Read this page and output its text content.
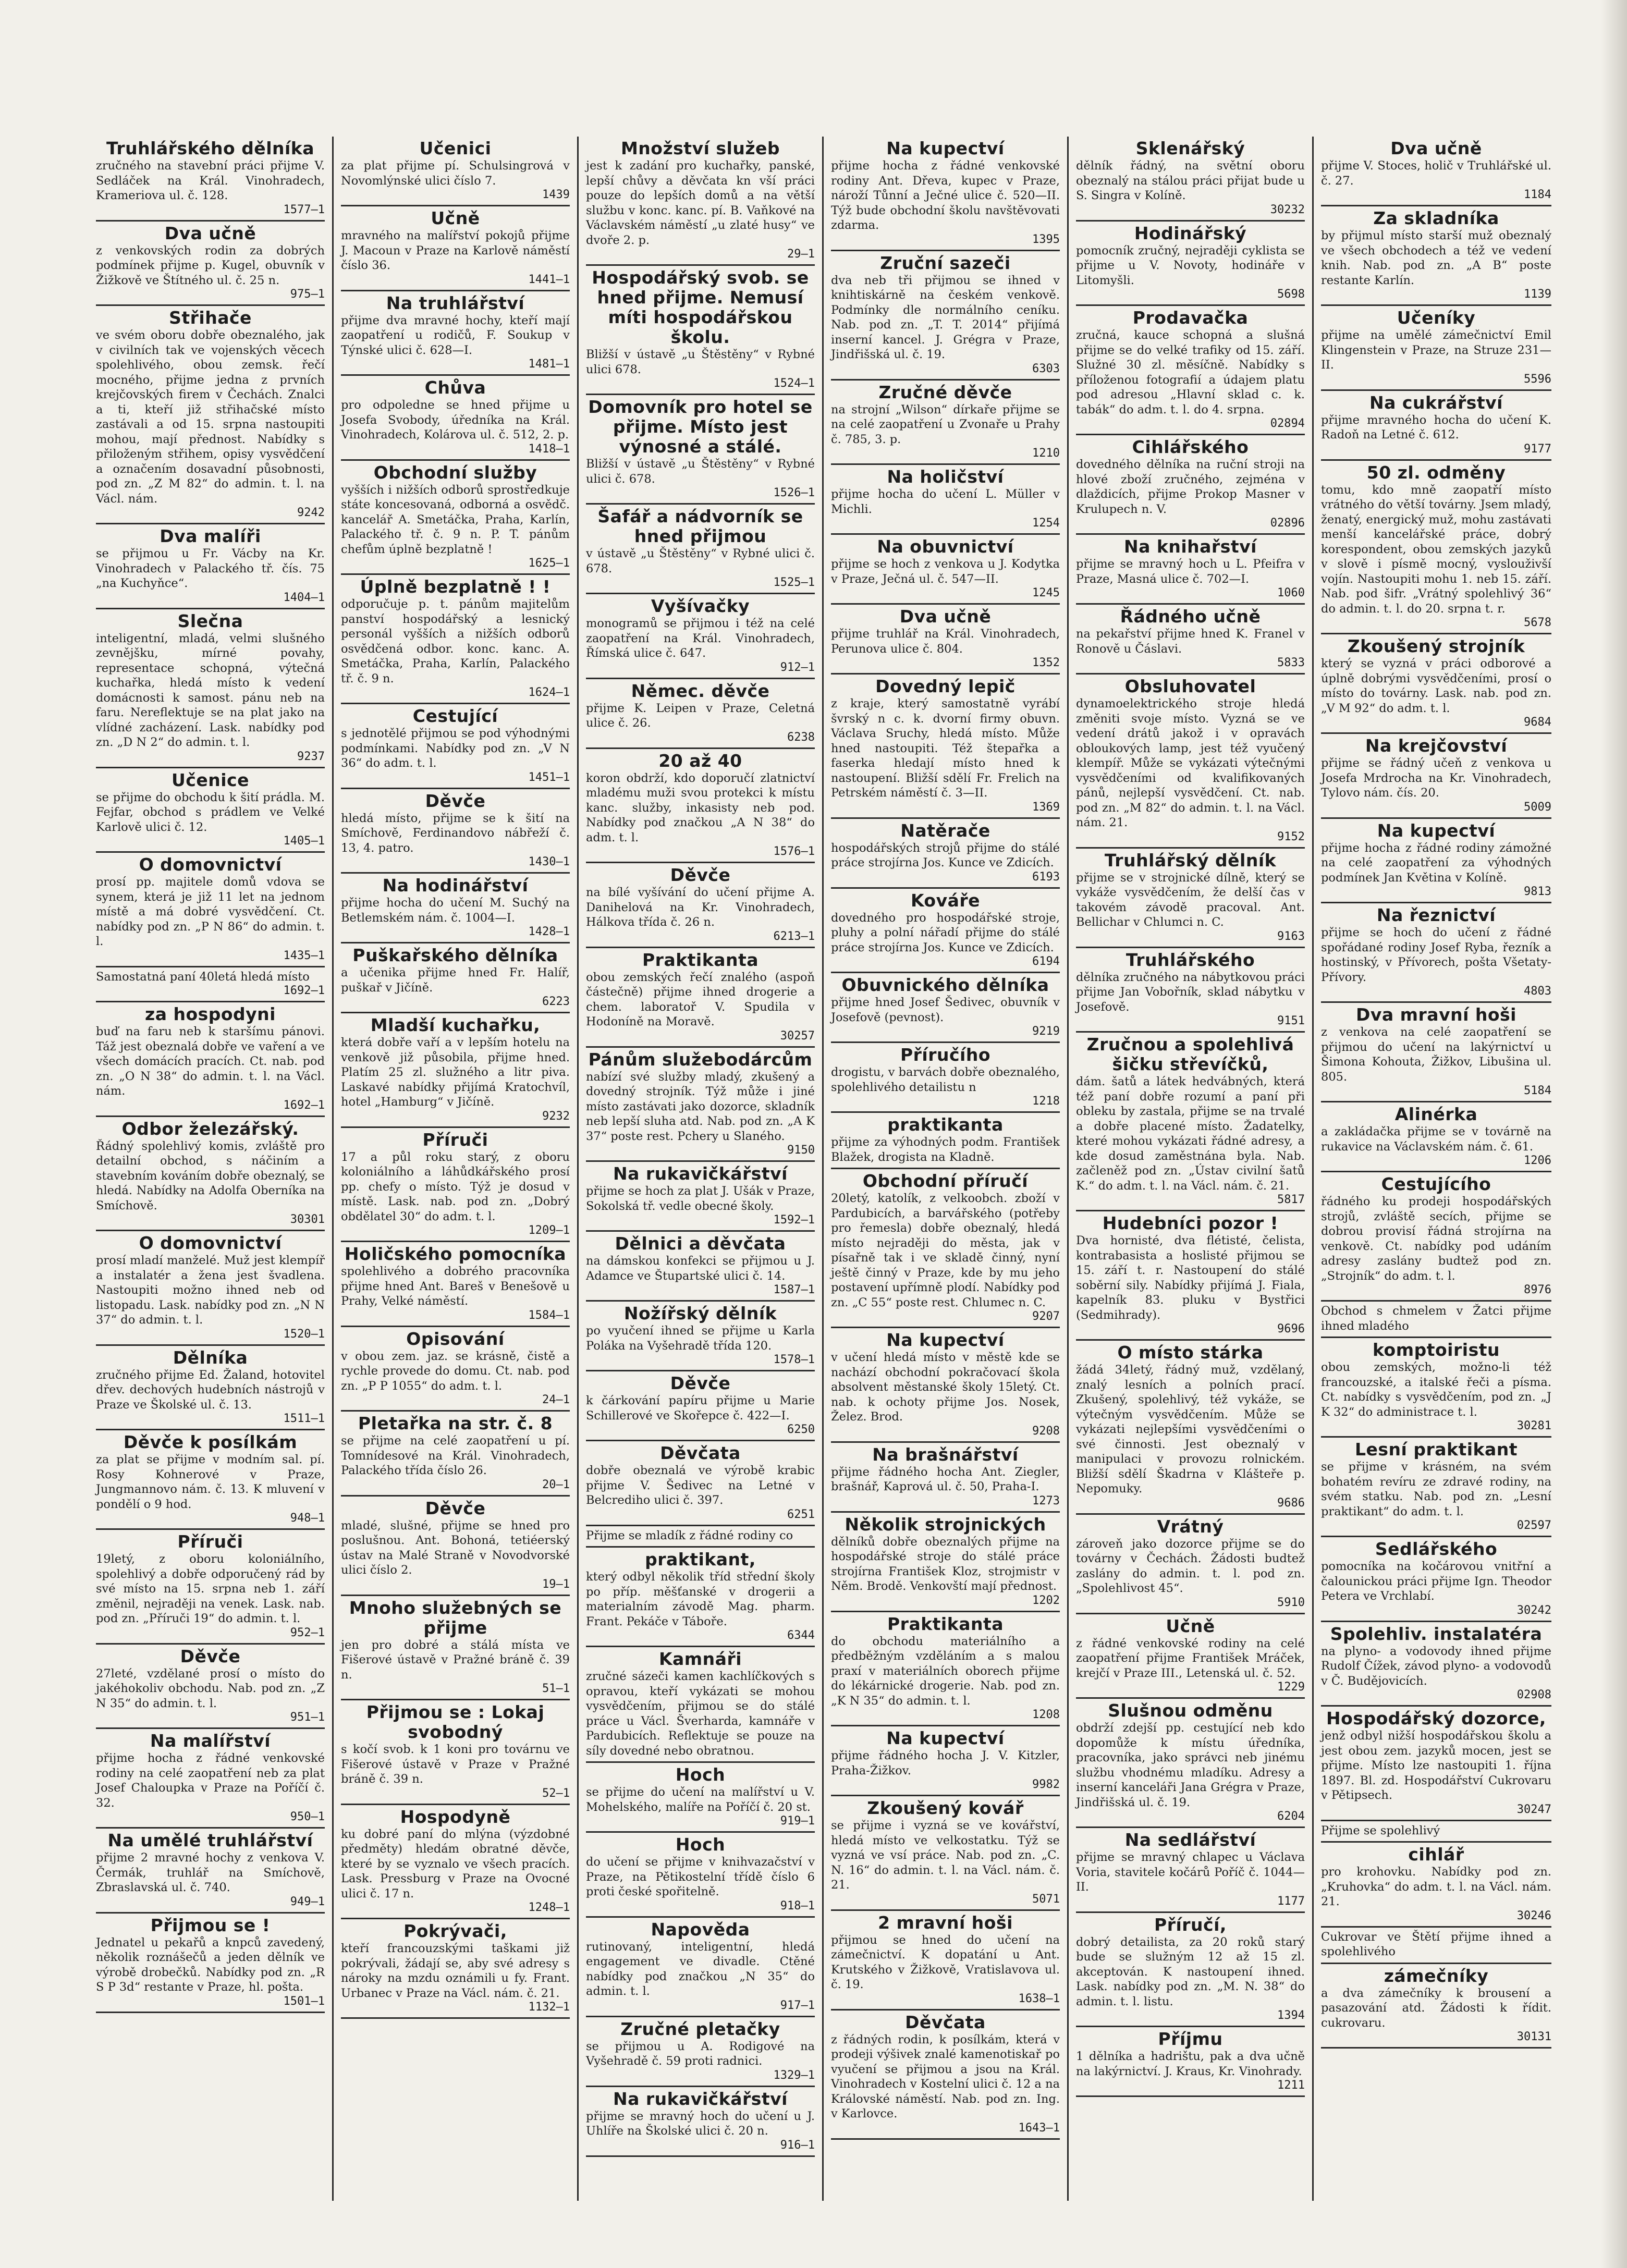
Truhlářského dělníka

zručného na stavební práci přijme V. Sedláček na Král. Vinohradech, Krameriova ul. č. 128.

1577—1

Dva učně

z venkovských rodin za dobrých podmínek přijme p. Kugel, obuvník v Žižkově ve Štítného ul. č. 25 n.

975—1

Střihače

ve svém oboru dobře obeznalého, jak v civilních tak ve vojenských věcech spolehlivého, obou zemsk. řečí mocného, přijme jedna z prvních krejčovských firem v Čechách. Znalci a ti, kteří již střihačské místo zastávali a od 15. srpna nastoupiti mohou, mají přednost. Nabídky s přiloženým střihem, opisy vysvědčení a označením dosavadní působnosti, pod zn. „Z M 82“ do admin. t. l. na Václ. nám.

9242

Dva malíři

se přijmou u Fr. Vácby na Kr. Vinohradech v Palackého tř. čís. 75 „na Kuchyňce“.

1404—1

Slečna

inteligentní, mladá, velmi slušného zevnějšku, mírné povahy, representace schopná, výtečná kuchařka, hledá místo k vedení domácnosti k samost. pánu neb na faru. Nereflektuje se na plat jako na vlídné zacházení. Lask. nabídky pod zn. „D N 2“ do admin. t. l.

9237

Učenice

se přijme do obchodu k šití prádla. M. Fejfar, obchod s prádlem ve Velké Karlově ulici č. 12.

1405—1

O domovnictví

prosí pp. majitele domů vdova se synem, která je již 11 let na jednom místě a má dobré vysvědčení. Ct. nabídky pod zn. „P N 86“ do admin. t. l.

1435—1

Samostatná paní 40letá hledá místo

1692—1

za hospodyni

buď na faru neb k staršímu pánovi. Táž jest obeznalá dobře ve vaření a ve všech domácích pracích. Ct. nab. pod zn. „O N 38“ do admin. t. l. na Václ. nám.

1692—1

Odbor železářský.

Řádný spolehlivý komis, zvláště pro detailní obchod, s náčiním a stavebním kováním dobře obeznalý, se hledá. Nabídky na Adolfa Oberníka na Smíchově.

30301

O domovnictví

prosí mladí manželé. Muž jest klempíř a instalatér a žena jest švadlena. Nastoupiti možno ihned neb od listopadu. Lask. nabídky pod zn. „N N 37“ do admin. t. l.

1520—1

Dělníka

zručného přijme Ed. Žaland, hotovitel dřev. dechových hudebních nástrojů v Praze ve Školské ul. č. 13.

1511—1

Děvče k posílkám

za plat se přijme v modním sal. pí. Rosy Kohnerové v Praze, Jungmannovo nám. č. 13. K mluvení v pondělí o 9 hod.

948—1

Příruči

19letý, z oboru koloniálního, spolehlivý a dobře odporučený rád by své místo na 15. srpna neb 1. září změnil, nejraději na venek. Lask. nab. pod zn. „Příruči 19“ do admin. t. l.

952—1

Děvče

27leté, vzdělané prosí o místo do jakéhokoliv obchodu. Nab. pod zn. „Z N 35“ do admin. t. l.

951—1

Na malířství

přijme hocha z řádné venkovské rodiny na celé zaopatření neb za plat Josef Chaloupka v Praze na Poříčí č. 32.

950—1

Na umělé truhlářství

přijme 2 mravné hochy z venkova V. Čermák, truhlář na Smíchově, Zbraslavská ul. č. 740.

949—1

Přijmou se !

Jednatel u pekařů a knpců zavedený, několik roznášečů a jeden dělník ve výrobě drobečků. Nabídky pod zn. „R S P 3d“ restante v Praze, hl. pošta.

1501—1

Učenici

za plat přijme pí. Schulsingrová v Novomlýnské ulici číslo 7.

1439

Učně

mravného na malířství pokojů přijme J. Macoun v Praze na Karlově náměstí číslo 36.

1441—1

Na truhlářství

přijme dva mravné hochy, kteří mají zaopatření u rodičů, F. Soukup v Týnské ulici č. 628—I.

1481—1

Chůva

pro odpoledne se hned přijme u Josefa Svobody, úředníka na Král. Vinohradech, Kolárova ul. č. 512, 2. p.

1418—1

Obchodní služby

vyšších i nižších odborů sprostředkuje státe koncesovaná, odborná a osvědč. kancelář A. Smetáčka, Praha, Karlín, Palackého tř. č. 9 n. P. T. pánům chefům úplně bezplatně !

1625—1

Úplně bezplatně ! !

odporučuje p. t. pánům majitelům panství hospodářský a lesnický personál vyšších a nižších odborů osvědčená odbor. konc. kanc. A. Smetáčka, Praha, Karlín, Palackého tř. č. 9 n.

1624—1

Cestující

s jednotělé přijmou se pod výhodnými podmínkami. Nabídky pod zn. „V N 36“ do adm. t. l.

1451—1

Děvče

hledá místo, přijme se k šití na Smíchově, Ferdinandovo nábřeží č. 13, 4. patro.

1430—1

Na hodinářství

přijme hocha do učení M. Suchý na Betlemském nám. č. 1004—I.

1428—1

Puškařského dělníka

a učenika přijme hned Fr. Halíř, puškař v Jičíně.

6223

Mladší kuchařku,

která dobře vaří a v lepším hotelu na venkově již působila, přijme hned. Platím 25 zl. služného a litr piva. Laskavé nabídky přijímá Kratochvíl, hotel „Hamburg“ v Jičíně.

9232

Příruči

17 a půl roku starý, z oboru koloniálního a láhůdkářského prosí pp. chefy o místo. Týž je dosud v místě. Lask. nab. pod zn. „Dobrý obdělatel 30“ do adm. t. l.

1209—1

Holičského pomocníka

spolehlivého a dobrého pracovníka přijme hned Ant. Bareš v Benešově u Prahy, Velké náměstí.

1584—1

Opisování

v obou zem. jaz. se krásně, čistě a rychle provede do domu. Ct. nab. pod zn. „P P 1055“ do adm. t. l.

24—1

Pletařka na str. č. 8

se přijme na celé zaopatření u pí. Tomnídesové na Král. Vinohradech, Palackého třída číslo 26.

20—1

Děvče

mladé, slušné, přijme se hned pro poslušnou. Ant. Bohoná, tetiéerský ústav na Malé Straně v Novodvorské ulici číslo 2.

19—1

Mnoho služebných se přijme

jen pro dobré a stálá místa ve Fišerové ústavě v Pražné bráně č. 39 n.

51—1

Přijmou se : Lokaj svobodný

s kočí svob. k 1 koni pro továrnu ve Fišerové ústavě v Praze v Pražné bráně č. 39 n.

52—1

Hospodyně

ku dobré paní do mlýna (výzdobné předměty) hledám obratné děvče, které by se vyznalo ve všech pracích. Lask. Pressburg v Praze na Ovocné ulici č. 17 n.

1248—1

Pokrývači,

kteří francouzskými taškami již pokrývali, žádají se, aby své adresy s nároky na mzdu oznámili u fy. Frant. Urbanec v Praze na Václ. nám. č. 21.

1132—1

Množství služeb

jest k zadání pro kuchařky, panské, lepší chůvy a děvčata kn vší práci pouze do lepších domů a na větší službu v konc. kanc. pí. B. Vaňkové na Václavském náměstí „u zlaté husy“ ve dvoře 2. p.

29—1

Hospodářský svob. se hned přijme. Nemusí míti hospodářskou školu.

Bližší v ústavě „u Štěstěny“ v Rybné ulici 678.

1524—1

Domovník pro hotel se přijme. Místo jest výnosné a stálé.

Bližší v ústavě „u Štěstěny“ v Rybné ulici č. 678.

1526—1

Šafář a nádvorník se hned přijmou

v ústavě „u Štěstěny“ v Rybné ulici č. 678.

1525—1

Vyšívačky

monogramů se přijmou i též na celé zaopatření na Král. Vinohradech, Římská ulice č. 647.

912—1

Němec. děvče

přijme K. Leipen v Praze, Celetná ulice č. 26.

6238

20 až 40

koron obdrží, kdo doporučí zlatnictví mladému muži svou protekci k místu kanc. služby, inkasisty neb pod. Nabídky pod značkou „A N 38“ do adm. t. l.

1576—1

Děvče

na bílé vyšívání do učení přijme A. Danihelová na Kr. Vinohradech, Hálkova třída č. 26 n.

6213—1

Praktikanta

obou zemských řečí znalého (aspoň částečně) přijme ihned drogerie a chem. laboratoř V. Spudila v Hodoníně na Moravě.

30257

Pánům služebodárcům

nabízí své služby mladý, zkušený a dovedný strojník. Týž může i jiné místo zastávati jako dozorce, skladník neb lepší sluha atd. Nab. pod zn. „A K 37“ poste rest. Pchery u Slaného.

9150

Na rukavičkářství

přijme se hoch za plat J. Ušák v Praze, Sokolská tř. vedle obecné školy.

1592—1

Dělnici a děvčata

na dámskou konfekci se přijmou u J. Adamce ve Štupartské ulici č. 14.

1587—1

Nožířský dělník

po vyučení ihned se přijme u Karla Poláka na Vyšehradě třída 120.

1578—1

Děvče

k čárkování papíru přijme u Marie Schillerové ve Skořepce č. 422—I.

6250

Děvčata

dobře obeznalá ve výrobě krabic přijme V. Šedivec na Letné v Belcrediho ulici č. 397.

6251

Přijme se mladík z řádné rodiny co

praktikant,

který odbyl několik tříd střední školy po příp. měšťanské v drogerii a materialním závodě Mag. pharm. Frant. Pekáče v Táboře.

6344

Kamnáři

zručné sázeči kamen kachlíčkových s opravou, kteří vykázati se mohou vysvědčením, přijmou se do stálé práce u Václ. Šverharda, kamnáře v Pardubicích. Reflektuje se pouze na síly dovedné nebo obratnou.

Hoch

se přijme do učení na malířství u V. Mohelského, malíře na Poříčí č. 20 st.

919—1

Hoch

do učení se přijme v knihvazačství v Praze, na Pětikostelní třídě číslo 6 proti české spořitelně.

918—1

Napověda

rutinovaný, inteligentní, hledá engagement ve divadle. Ctěné nabídky pod značkou „N 35“ do admin. t. l.

917—1

Zručné pletačky

se přijmou u A. Rodigové na Vyšehradě č. 59 proti radnici.

1329—1

Na rukavičkářství

přijme se mravný hoch do učení u J. Uhlíře na Školské ulici č. 20 n.

916—1

Na kupectví

přijme hocha z řádné venkovské rodiny Ant. Dřeva, kupec v Praze, nároží Tůnní a Ječné ulice č. 520—II. Týž bude obchodní školu navštěvovati zdarma.

1395

Zruční sazeči

dva neb tři přijmou se ihned v knihtiskárně na českém venkově. Podmínky dle normálního ceníku. Nab. pod zn. „T. T. 2014“ přijímá inserní kancel. J. Grégra v Praze, Jindřišská ul. č. 19.

6303

Zručné děvče

na strojní „Wilson“ dírkaře přijme se na celé zaopatření u Zvonaře u Prahy č. 785, 3. p.

1210

Na holičství

přijme hocha do učení L. Müller v Michli.

1254

Na obuvnictví

přijme se hoch z venkova u J. Kodytka v Praze, Ječná ul. č. 547—II.

1245

Dva učně

přijme truhlář na Král. Vinohradech, Perunova ulice č. 804.

1352

Dovedný lepič

z kraje, který samostatně vyrábí švrský n c. k. dvorní firmy obuvn. Václava Sruchy, hledá místo. Může hned nastoupiti. Též štepařka a faserka hledají místo hned k nastoupení. Bližší sdělí Fr. Frelich na Petrském náměstí č. 3—II.

1369

Natěrače

hospodářských strojů přijme do stálé práce strojírna Jos. Kunce ve Zdicích.

6193

Kováře

dovedného pro hospodářské stroje, pluhy a polní nářadí přijme do stálé práce strojírna Jos. Kunce ve Zdicích.

6194

Obuvnického dělníka

přijme hned Josef Šedivec, obuvník v Josefově (pevnost).

9219

Příručího

drogistu, v barvách dobře obeznalého, spolehlivého detailistu n

1218

praktikanta

přijme za výhodných podm. František Blažek, drogista na Kladně.

Obchodní příručí

20letý, katolík, z velkoobch. zboží v Pardubicích, a barvářského (potřeby pro řemesla) dobře obeznalý, hledá místo nejraději do města, jak v písařně tak i ve skladě činný, nyní ještě činný v Praze, kde by mu jeho postavení upřímně plodí. Nabídky pod zn. „C 55“ poste rest. Chlumec n. C.

9207

Na kupectví

v učení hledá místo v městě kde se nachází obchodní pokračovací škola absolvent městanské školy 15letý. Ct. nab. k ochoty přijme Jos. Nosek, Želez. Brod.

9208

Na brašnářství

přijme řádného hocha Ant. Ziegler, brašnář, Kaprová ul. č. 50, Praha-I.

1273

Několik strojnických

dělníků dobře obeznalých přijme na hospodářské stroje do stálé práce strojírna František Kloz, strojmistr v Něm. Brodě. Venkovští mají přednost.

1202

Praktikanta

do obchodu materiálního a předběžným vzděláním a s malou praxí v materiálních oborech přijme do lékárnické drogerie. Nab. pod zn. „K N 35“ do admin. t. l.

1208

Na kupectví

přijme řádného hocha J. V. Kitzler, Praha-Žižkov.

9982

Zkoušený kovář

se přijme i vyzná se ve kovářství, hledá místo ve velkostatku. Týž se vyzná ve vsí práce. Nab. pod zn. „C. N. 16“ do admin. t. l. na Václ. nám. č. 21.

5071

2 mravní hoši

přijmou se hned do učení na zámečnictví. K dopatání u Ant. Krutského v Žižkově, Vratislavova ul. č. 19.

1638—1

Děvčata

z řádných rodin, k posílkám, která v prodeji výšivek znalé kamenotiskař po vyučení se přijmou a jsou na Král. Vinohradech v Kostelní ulici č. 12 a na Královské náměstí. Nab. pod zn. Ing. v Karlovce.

1643—1

Sklenářský

dělník řádný, na světní oboru obeznalý na stálou práci přijat bude u S. Singra v Kolíně.

30232

Hodinářský

pomocník zručný, nejraději cyklista se přijme u V. Novoty, hodináře v Litomyšli.

5698

Prodavačka

zručná, kauce schopná a slušná přijme se do velké trafiky od 15. září. Služné 30 zl. měsíčně. Nabídky s příloženou fotografií a údajem platu pod adresou „Hlavní sklad c. k. tabák“ do adm. t. l. do 4. srpna.

02894

Cihlářského

dovedného dělníka na ruční stroji na hlové zboží zručného, zejména v dlaždicích, přijme Prokop Masner v Krulupech n. V.

02896

Na knihařství

přijme se mravný hoch u L. Pfeifra v Praze, Masná ulice č. 702—I.

1060

Řádného učně

na pekařství přijme hned K. Franel v Ronově u Čáslavi.

5833

Obsluhovatel

dynamoelektrického stroje hledá změniti svoje místo. Vyzná se ve vedení drátů jakož i v opravách obloukových lamp, jest též vyučený klempíř. Může se vykázati výtečnými vysvědčeními od kvalifikovaných pánů, nejlepší vysvědčení. Ct. nab. pod zn. „M 82“ do admin. t. l. na Václ. nám. 21.

9152

Truhlářský dělník

přijme se v strojnické dílně, který se vykáže vysvědčením, že delší čas v takovém závodě pracoval. Ant. Bellichar v Chlumci n. C.

9163

Truhlářského

dělníka zručného na nábytkovou práci přijme Jan Vobořník, sklad nábytku v Josefově.

9151

Zručnou a spolehlivá šičku střevíčků,

dám. šatů a látek hedvábných, která též paní dobře rozumí a paní při obleku by zastala, přijme se na trvalé a dobře placené místo. Žadatelky, které mohou vykázati řádné adresy, a kde dosud zaměstnána byla. Nab. začleněž pod zn. „Ústav civilní šatů K.“ do adm. t. l. na Václ. nám. č. 21.

5817

Hudebníci pozor !

Dva hornisté, dva flétisté, čelista, kontrabasista a hoslisté přijmou se 15. září t. r. Nastoupení do stálé soběrní sily. Nabídky přijímá J. Fiala, kapelník 83. pluku v Bystřici (Sedmihrady).

9696

O místo stárka

žádá 34letý, řádný muž, vzdělaný, znalý lesních a polních prací. Zkušený, spolehlivý, též vykáže, se výtečným vysvědčením. Může se vykázati nejlepšími vysvědčeními o své činnosti. Jest obeznalý v manipulaci v provozu rolnickém. Bližší sdělí Škadrna v Klášteře p. Nepomuky.

9686

Vrátný

zároveň jako dozorce přijme se do továrny v Čechách. Žádosti budtež zaslány do admin. t. l. pod zn. „Spolehlivost 45“.

5910

Učně

z řádné venkovské rodiny na celé zaopatření přijme František Mráček, krejčí v Praze III., Letenská ul. č. 52.

1229

Slušnou odměnu

obdrží zdejší pp. cestující neb kdo dopomůže k místu úředníka, pracovníka, jako správci neb jinému službu vhodnému mladíku. Adresy a inserní kanceláři Jana Grégra v Praze, Jindřišská ul. č. 19.

6204

Na sedlářství

přijme se mravný chlapec u Václava Voria, stavitele kočárů Poříč č. 1044—II.

1177

Příručí,

dobrý detailista, za 20 roků starý bude se služným 12 až 15 zl. akceptován. K nastoupení ihned. Lask. nabídky pod zn. „M. N. 38“ do admin. t. l. listu.

1394

Příjmu

1 dělníka a hadrištu, pak a dva učně na lakýrnictví. J. Kraus, Kr. Vinohrady.

1211

Dva učně

přijme V. Stoces, holič v Truhlářské ul. č. 27.

1184

Za skladníka

by přijmul místo starší muž obeznalý ve všech obchodech a též ve vedení knih. Nab. pod zn. „A B“ poste restante Karlín.

1139

Učeníky

přijme na umělé zámečnictví Emil Klingenstein v Praze, na Struze 231—II.

5596

Na cukrářství

přijme mravného hocha do učení K. Radoň na Letné č. 612.

9177

50 zl. odměny

tomu, kdo mně zaopatří místo vrátného do větší továrny. Jsem mladý, ženatý, energický muž, mohu zastávati menší kancelářské práce, dobrý korespondent, obou zemských jazyků v slově i písmě mocný, vyslouživší vojín. Nastoupiti mohu 1. neb 15. září. Nab. pod šifr. „Vrátný spolehlivý 36“ do admin. t. l. do 20. srpna t. r.

5678

Zkoušený strojník

který se vyzná v práci odborové a úplně dobrými vysvědčeními, prosí o místo do továrny. Lask. nab. pod zn. „V M 92“ do adm. t. l.

9684

Na krejčovství

přijme se řádný učeň z venkova u Josefa Mrdrocha na Kr. Vinohradech, Tylovo nám. čís. 20.

5009

Na kupectví

přijme hocha z řádné rodiny zámožné na celé zaopatření za výhodných podmínek Jan Květina v Kolíně.

9813

Na řeznictví

přijme se hoch do učení z řádné spořádané rodiny Josef Ryba, řezník a hostinský, v Přívorech, pošta Všetaty-Přívory.

4803

Dva mravní hoši

z venkova na celé zaopatření se přijmou do učení na lakýrnictví u Šimona Kohouta, Žižkov, Libušina ul. 805.

5184

Alinérka

a zakládačka přijme se v továrně na rukavice na Václavském nám. č. 61.

1206

Cestujícího

řádného ku prodeji hospodářských strojů, zvláště secích, přijme se dobrou provisí řádná strojírna na venkově. Ct. nabídky pod udáním adresy zaslány budtež pod zn. „Strojník“ do adm. t. l.

8976

Obchod s chmelem v Žatci přijme ihned mladého

komptoiristu

obou zemských, možno-li též francouzské, a italské řeči a písma. Ct. nabídky s vysvědčením, pod zn. „J K 32“ do administrace t. l.

30281

Lesní praktikant

se přijme v krásném, na svém bohatém revíru ze zdravé rodiny, na svém statku. Nab. pod zn. „Lesní praktikant“ do adm. t. l.

02597

Sedlářského

pomocníka na kočárovou vnitřní a čalounickou práci přijme Ign. Theodor Petera ve Vrchlabí.

30242

Spolehliv. instalatéra

na plyno- a vodovody ihned přijme Rudolf Čížek, závod plyno- a vodovodů v Č. Budějovicích.

02908

Hospodářský dozorce,

jenž odbyl nižší hospodářskou školu a jest obou zem. jazyků mocen, jest se přijme. Místo lze nastoupiti 1. října 1897. Bl. zd. Hospodářství Cukrovaru v Pětipsech.

30247

Přijme se spolehlivý

cihlář

pro krohovku. Nabídky pod zn. „Kruhovka“ do adm. t. l. na Václ. nám. 21.

30246

Cukrovar ve Štětí přijme ihned a spolehlivého

zámečníky

a dva zámečníky k brousení a pasazování atd. Žádosti k řídit. cukrovaru.

30131
